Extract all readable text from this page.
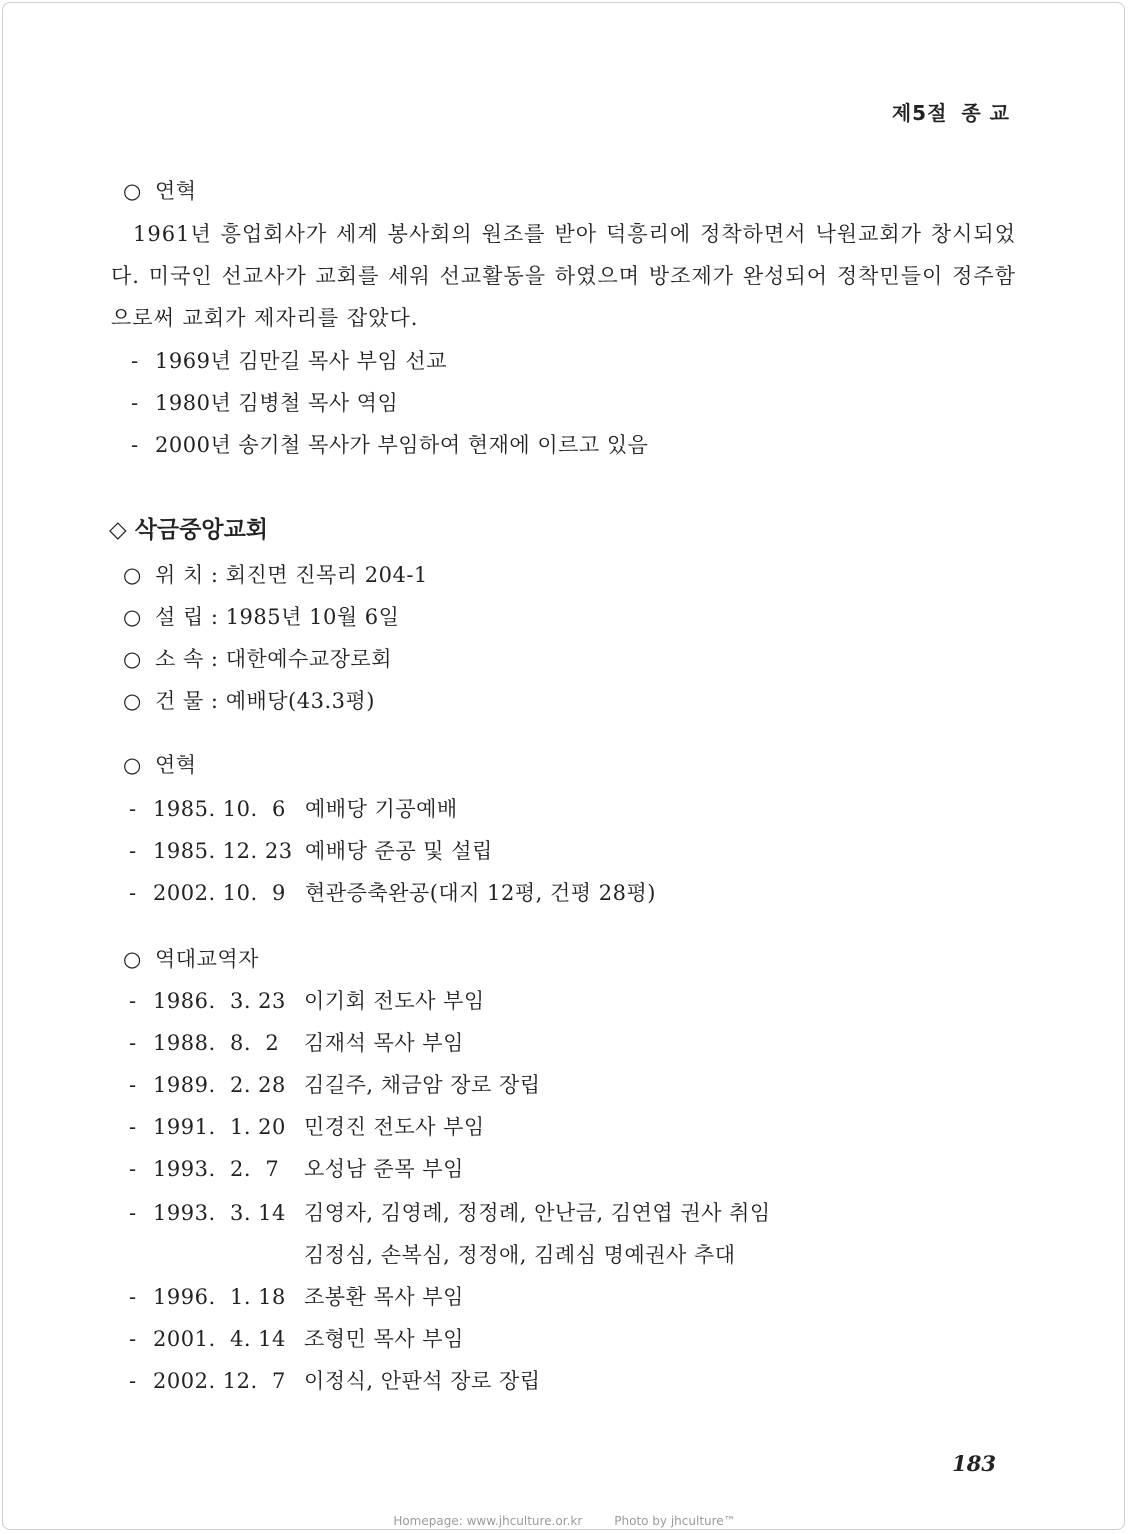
제5절 종 교
○ 연혁
1961년 흥업회사가 세계 봉사회의 원조를 받아 덕흥리에 정착하면서 낙원교회가 창시되었다. 미국인 선교사가 교회를 세워 선교활동을 하였으며 방조제가 완성되어 정착민들이 정주함으로써 교회가 제자리를 잡았다.
- 1969년 김만길 목사 부임 선교
- 1980년 김병철 목사 역임
- 2000년 송기철 목사가 부임하여 현재에 이르고 있음
◇ 삭금중앙교회
○ 위 치 : 회진면 진목리 204-1
○ 설 립 : 1985년 10월 6일
○ 소 속 : 대한예수교장로회
○ 건 물 : 예배당(43.3평)
○ 연혁
- 1985. 10.  6 예배당 기공예배
- 1985. 12. 23 예배당 준공 및 설립
- 2002. 10.  9 현관증축완공(대지 12평, 건평 28평)
○ 역대교역자
- 1986.  3. 23 이기회 전도사 부임
- 1988.  8.  2 김재석 목사 부임
- 1989.  2. 28 김길주, 채금암 장로 장립
- 1991.  1. 20 민경진 전도사 부임
- 1993.  2.  7 오성남 준목 부임
- 1993.  3. 14 김영자, 김영례, 정정례, 안난금, 김연엽 권사 취임
김정심, 손복심, 정정애, 김례심 명예권사 추대
- 1996.  1. 18 조봉환 목사 부임
- 2001.  4. 14 조형민 목사 부임
- 2002. 12.  7 이정식, 안판석 장로 장립
183
Homepage: www.jhculture.or.kr	Photo by jhculture™
